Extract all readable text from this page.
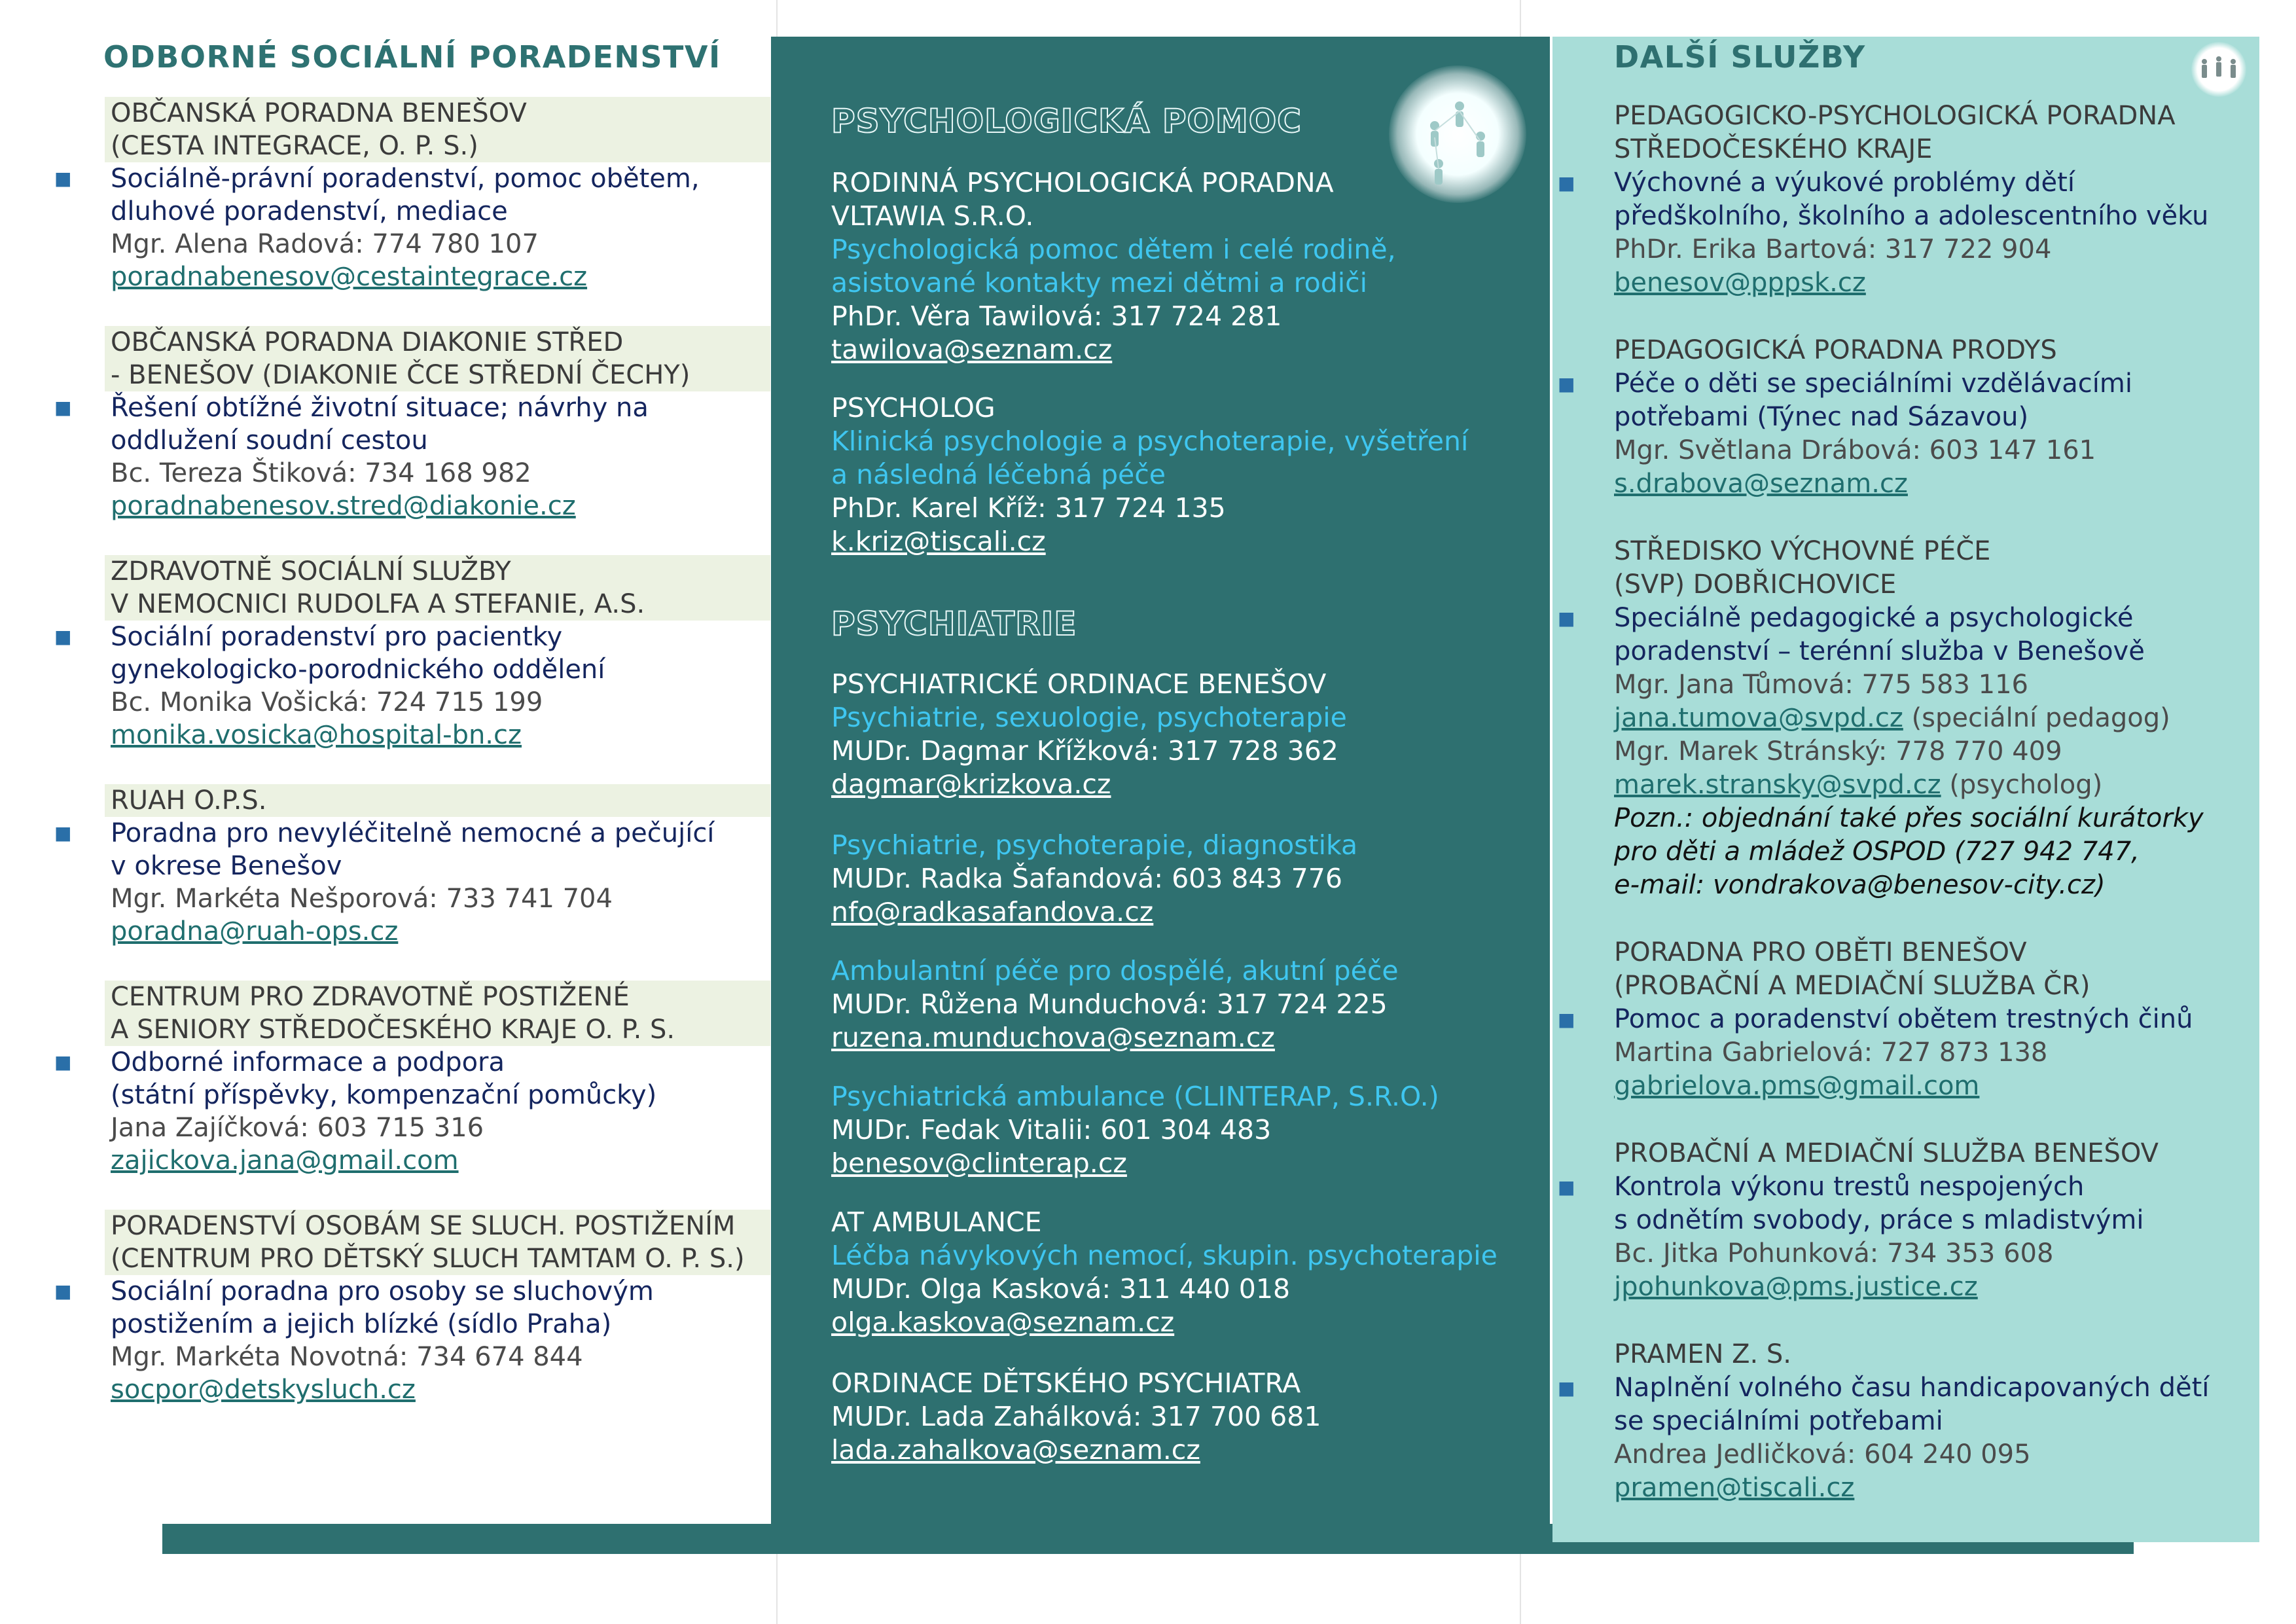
ODBORNÉ SOCIÁLNÍ PORADENSTVÍ
OBČANSKÁ PORADNA BENEŠOV
(CESTA INTEGRACE, O. P. S.)
■ Sociálně-právní poradenství, pomoc obětem,
dluhové poradenství, mediace
Mgr. Alena Radová: 774 780 107
poradnabenesov@cestaintegrace.cz
OBČANSKÁ PORADNA DIAKONIE STŘED
- BENEŠOV (DIAKONIE ČCE STŘEDNÍ ČECHY)
■ Řešení obtížné životní situace; návrhy na
oddlužení soudní cestou
Bc. Tereza Štiková: 734 168 982
poradnabenesov.stred@diakonie.cz
ZDRAVOTNĚ SOCIÁLNÍ SLUŽBY
V NEMOCNICI RUDOLFA A STEFANIE, A.S.
■ Sociální poradenství pro pacientky
gynekologicko-porodnického oddělení
Bc. Monika Vošická: 724 715 199
monika.vosicka@hospital-bn.cz
RUAH O.P.S.
■ Poradna pro nevyléčitelně nemocné a pečující
v okrese Benešov
Mgr. Markéta Nešporová: 733 741 704
poradna@ruah-ops.cz
CENTRUM PRO ZDRAVOTNĚ POSTIŽENÉ
A SENIORY STŘEDOČESKÉHO KRAJE O. P. S.
■ Odborné informace a podpora
(státní příspěvky, kompenzační pomůcky)
Jana Zajíčková: 603 715 316
zajickova.jana@gmail.com
PORADENSTVÍ OSOBÁM SE SLUCH. POSTIŽENÍM
(CENTRUM PRO DĚTSKÝ SLUCH TAMTAM O. P. S.)
■ Sociální poradna pro osoby se sluchovým
postižením a jejich blízké (sídlo Praha)
Mgr. Markéta Novotná: 734 674 844
socpor@detskysluch.cz
PSYCHOLOGICKÁ POMOC
RODINNÁ PSYCHOLOGICKÁ PORADNA
VLTAWIA S.R.O.
Psychologická pomoc dětem i celé rodině,
asistované kontakty mezi dětmi a rodiči
PhDr. Věra Tawilová: 317 724 281
tawilova@seznam.cz
PSYCHOLOG
Klinická psychologie a psychoterapie, vyšetření
a následná léčebná péče
PhDr. Karel Kříž: 317 724 135
k.kriz@tiscali.cz
PSYCHIATRIE
PSYCHIATRICKÉ ORDINACE BENEŠOV
Psychiatrie, sexuologie, psychoterapie
MUDr. Dagmar Křížková: 317 728 362
dagmar@krizkova.cz
Psychiatrie, psychoterapie, diagnostika
MUDr. Radka Šafandová: 603 843 776
nfo@radkasafandova.cz
Ambulantní péče pro dospělé, akutní péče
MUDr. Růžena Munduchová: 317 724 225
ruzena.munduchova@seznam.cz
Psychiatrická ambulance (CLINTERAP, S.R.O.)
MUDr. Fedak Vitalii: 601 304 483
benesov@clinterap.cz
AT AMBULANCE
Léčba návykových nemocí, skupin. psychoterapie
MUDr. Olga Kasková: 311 440 018
olga.kaskova@seznam.cz
ORDINACE DĚTSKÉHO PSYCHIATRA
MUDr. Lada Zahálková: 317 700 681
lada.zahalkova@seznam.cz
DALŠÍ SLUŽBY
PEDAGOGICKO-PSYCHOLOGICKÁ PORADNA
STŘEDOČESKÉHO KRAJE
■ Výchovné a výukové problémy dětí
předškolního, školního a adolescentního věku
PhDr. Erika Bartová: 317 722 904
benesov@pppsk.cz
PEDAGOGICKÁ PORADNA PRODYS
■ Péče o děti se speciálními vzdělávacími
potřebami (Týnec nad Sázavou)
Mgr. Světlana Drábová: 603 147 161
s.drabova@seznam.cz
STŘEDISKO VÝCHOVNÉ PÉČE
(SVP) DOBŘICHOVICE
■ Speciálně pedagogické a psychologické
poradenství – terénní služba v Benešově
Mgr. Jana Tůmová: 775 583 116
jana.tumova@svpd.cz (speciální pedagog)
Mgr. Marek Stránský: 778 770 409
marek.stransky@svpd.cz (psycholog)
Pozn.: objednání také přes sociální kurátorky
pro děti a mládež OSPOD (727 942 747,
e-mail: vondrakova@benesov-city.cz)
PORADNA PRO OBĚTI BENEŠOV
(PROBAČNÍ A MEDIAČNÍ SLUŽBA ČR)
■ Pomoc a poradenství obětem trestných činů
Martina Gabrielová: 727 873 138
gabrielova.pms@gmail.com
PROBAČNÍ A MEDIAČNÍ SLUŽBA BENEŠOV
■ Kontrola výkonu trestů nespojených
s odnětím svobody, práce s mladistvými
Bc. Jitka Pohunková: 734 353 608
jpohunkova@pms.justice.cz
PRAMEN Z. S.
■ Naplnění volného času handicapovaných dětí
se speciálními potřebami
Andrea Jedličková: 604 240 095
pramen@tiscali.cz
